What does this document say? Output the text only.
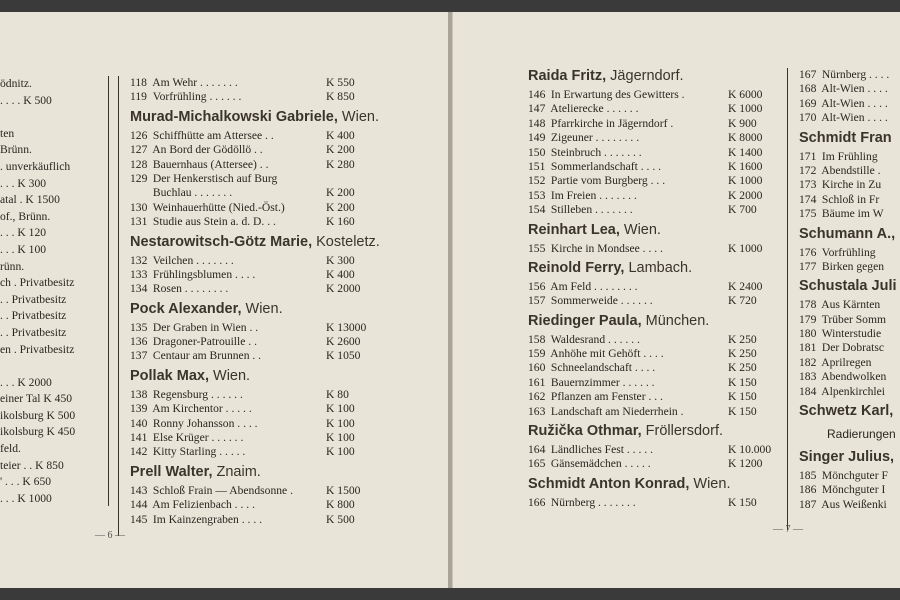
ödnitz.
. . . . K 500
ten
Brünn.
. unverkäuflich
. . . K 300
atal . K 1500
of., Brünn.
. . . K 120
. . . K 100
rünn.
ch . Privatbesitz
. . Privatbesitz
. . Privatbesitz
. . Privatbesitz
en . Privatbesitz
. . . K 2000
einer Tal K 450
ikolsburg K 500
ikolsburg K 450
feld.
teier . . K 850
' . . . K 650
. . . K 1000
118 Am Wehr . . . . . . .	K 550
119 Vorfrühling . . . . . .	K 850
Murad-Michalkowski Gabriele, Wien.
126 Schiffhütte am Attersee . .	K 400
127 An Bord der Gödöllö . .	K 200
128 Bauernhaus (Attersee) . .	K 280
129 Der Henkerstisch auf Burg
Buchlau . . . . . . .	K 200
130 Weinhauerhütte (Nied.-Öst.)	K 200
131 Studie aus Stein a. d. D. . .	K 160
Nestarowitsch-Götz Marie, Kosteletz.
132 Veilchen . . . . . . .	K 300
133 Frühlingsblumen . . . .	K 400
134 Rosen . . . . . . . .	K 2000
Pock Alexander, Wien.
135 Der Graben in Wien . .	K 13000
136 Dragoner-Patrouille . .	K 2600
137 Centaur am Brunnen . .	K 1050
Pollak Max, Wien.
138 Regensburg . . . . . .	K 80
139 Am Kirchentor . . . . .	K 100
140 Ronny Johansson . . . .	K 100
141 Else Krüger . . . . . .	K 100
142 Kitty Starling . . . . .	K 100
Prell Walter, Znaim.
143 Schloß Frain — Abendsonne .	K 1500
144 Am Felizienbach . . . .	K 800
145 Im Kainzengraben . . . .	K 500
— 6 —
Raida Fritz, Jägerndorf.
146 In Erwartung des Gewitters .	K 6000
147 Atelierecke . . . . . .	K 1000
148 Pfarrkirche in Jägerndorf .	K 900
149 Zigeuner . . . . . . . .	K 8000
150 Steinbruch . . . . . . .	K 1400
151 Sommerlandschaft . . . .	K 1600
152 Partie vom Burgberg . . .	K 1000
153 Im Freien . . . . . . .	K 2000
154 Stilleben . . . . . . .	K 700
Reinhart Lea, Wien.
155 Kirche in Mondsee . . . .	K 1000
Reinold Ferry, Lambach.
156 Am Feld . . . . . . . .	K 2400
157 Sommerweide . . . . . .	K 720
Riedinger Paula, München.
158 Waldesrand . . . . . .	K 250
159 Anhöhe mit Gehöft . . . .	K 250
160 Schneelandschaft . . . .	K 250
161 Bauernzimmer . . . . . .	K 150
162 Pflanzen am Fenster . . .	K 150
163 Landschaft am Niederrhein .	K 150
Ružička Othmar, Fröllersdorf.
164 Ländliches Fest . . . . .	K 10.000
165 Gänsemädchen . . . . .	K 1200
Schmidt Anton Konrad, Wien.
166 Nürnberg . . . . . . .	K 150
167 Nürnberg . . . .
168 Alt-Wien . . . .
169 Alt-Wien . . . .
170 Alt-Wien . . . .
Schmidt Fran
171 Im Frühling
172 Abendstille .
173 Kirche in Zu
174 Schloß in Fr
175 Bäume im W
Schumann A.,
176 Vorfrühling
177 Birken gegen
Schustala Juli
178 Aus Kärnten
179 Trüber Somm
180 Winterstudie
181 Der Dobratsc
182 Aprilregen
183 Abendwolken
184 Alpenkirchlei
Schwetz Karl,
Radierungen
Singer Julius,
185 Mönchguter F
186 Mönchguter I
187 Aus Weißenki
— 7 —
